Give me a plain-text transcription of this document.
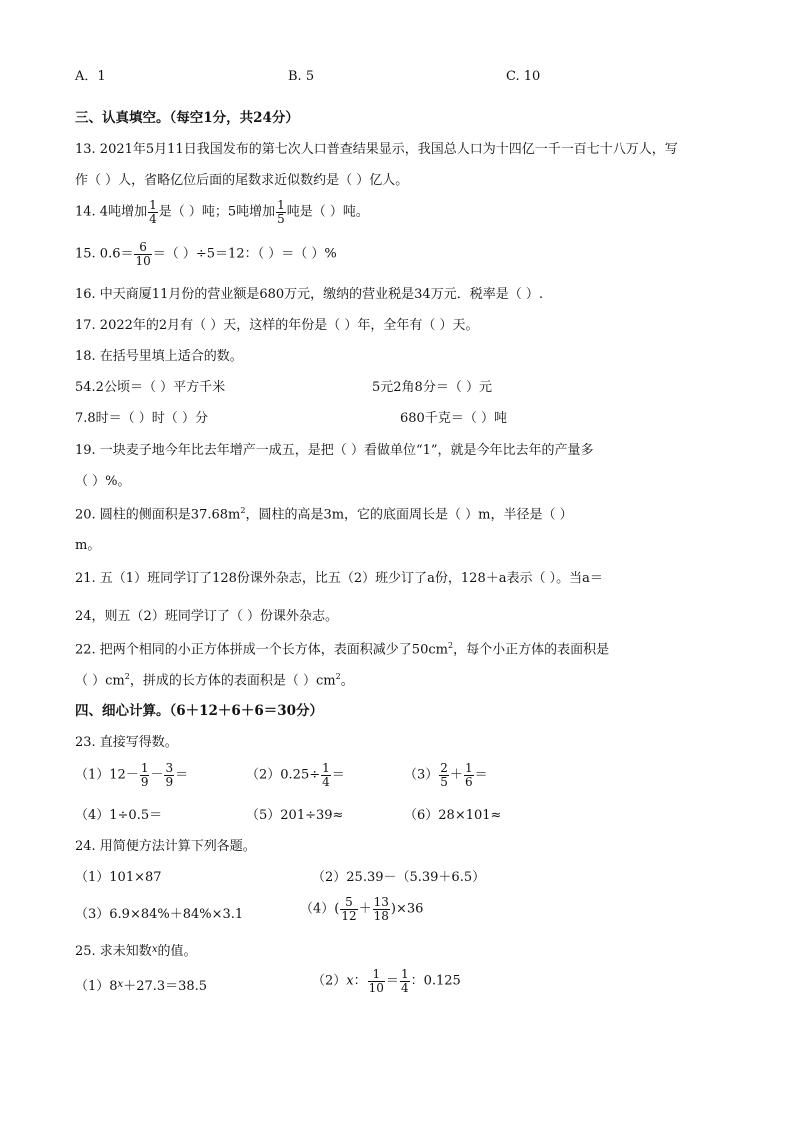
A．1	B. 5	C. 10
三、认真填空。（每空1分，共24分）
13. 2021年5月11日我国发布的第七次人口普查结果显示，我国总人口为十四亿一千一百七十八万人，写
作（ ）人，省略亿位后面的尾数求近似数约是（ ）亿人。
14. 4吨增加 $\frac{1}{4}$ 是（ ）吨；5吨增加 $\frac{1}{5}$ 吨是（ ）吨。
15. $0.6= \frac{6}{10}$ ＝（ ）÷5＝12：（ ）＝（ ）%
16. 中天商厦11月份的营业额是680万元，缴纳的营业税是34万元．税率是（ ）.
17. 2022年的2月有（ ）天，这样的年份是（ ）年，全年有（ ）天。
18. 在括号里填上适合的数。
54.2公顷＝（ ）平方千米	5元2角8分＝（ ）元
7.8时＝（ ）时（ ）分	680千克＝（ ）吨
19. 一块麦子地今年比去年增产一成五，是把（ ）看做单位“1”，就是今年比去年的产量多
（ ）%。
20. 圆柱的侧面积是$37.68m^2$，圆柱的高是3m，它的底面周长是（ ）m，半径是（ ）
m。
21. 五（1）班同学订了128份课外杂志，比五（2）班少订了a份，128＋a表示（ ）。当a＝
24，则五（2）班同学订了（ ）份课外杂志。
22. 把两个相同的小正方体拼成一个长方体，表面积减少了$50cm^2$，每个小正方体的表面积是
（ ）$cm^2$，拼成的长方体的表面积是（ ）$cm^2$。
四、细心计算。（6＋12＋6＋6＝30分）
23. 直接写得数。
$(1)12- \frac{1}{9} - \frac{3}{9}$ ＝	$(2)0.25\div \frac{1}{4}$ ＝	$(3) \frac{2}{5} + \frac{1}{6}$ ＝
（4）1÷0.5＝	（5）201÷39≈	（6）28×101≈
24. 用简便方法计算下列各题。
（1）101×87	（2）25.39－（5.39＋6.5）
（3）6.9×84%＋84%×3.1	$(4)( \frac{5}{12} + \frac{13}{18} )\times 36$
25. 求未知数$^x$的值。
$(1)8^x+27.3=38.5$	（2）x： $\frac{1}{10} = \frac{1}{4}$ ：0.125
